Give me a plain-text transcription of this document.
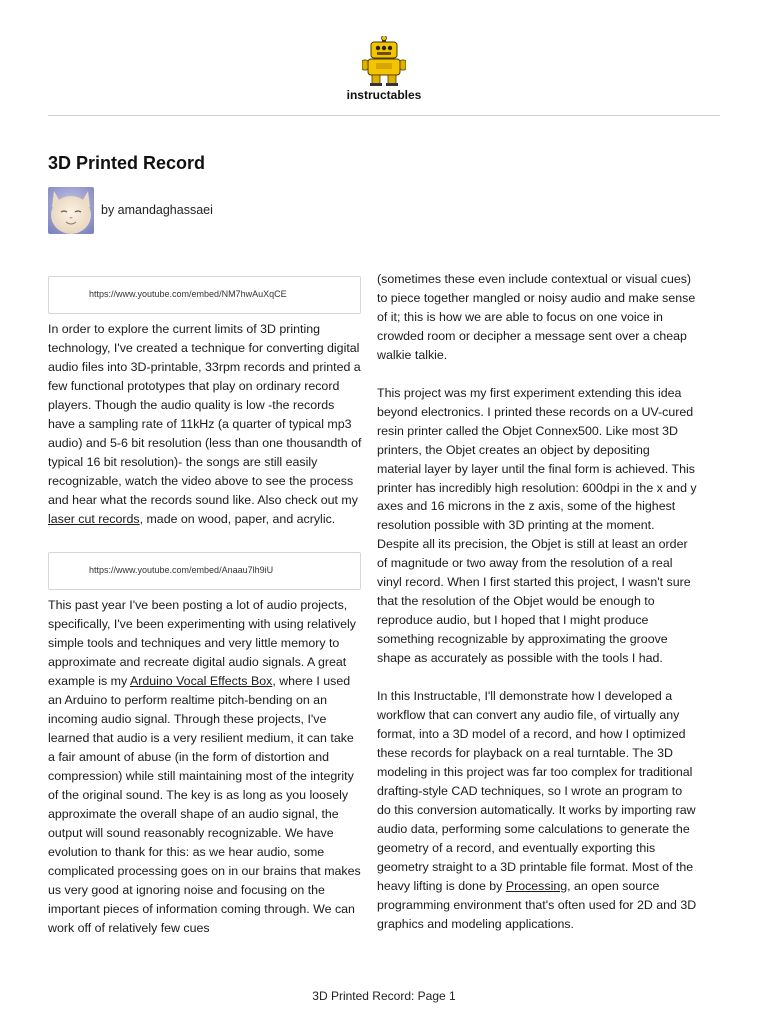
instructables
3D Printed Record
by amandaghassaei
https://www.youtube.com/embed/NM7hwAuXqCE

In order to explore the current limits of 3D printing technology, I've created a technique for converting digital audio files into 3D-printable, 33rpm records and printed a few functional prototypes that play on ordinary record players. Though the audio quality is low -the records have a sampling rate of 11kHz (a quarter of typical mp3 audio) and 5-6 bit resolution (less than one thousandth of typical 16 bit resolution)- the songs are still easily recognizable, watch the video above to see the process and hear what the records sound like. Also check out my laser cut records, made on wood, paper, and acrylic.

https://www.youtube.com/embed/Anaau7lh9iU

This past year I've been posting a lot of audio projects, specifically, I've been experimenting with using relatively simple tools and techniques and very little memory to approximate and recreate digital audio signals. A great example is my Arduino Vocal Effects Box, where I used an Arduino to perform realtime pitch-bending on an incoming audio signal. Through these projects, I've learned that audio is a very resilient medium, it can take a fair amount of abuse (in the form of distortion and compression) while still maintaining most of the integrity of the original sound. The key is as long as you loosely approximate the overall shape of an audio signal, the output will sound reasonably recognizable. We have evolution to thank for this: as we hear audio, some complicated processing goes on in our brains that makes us very good at ignoring noise and focusing on the important pieces of information coming through. We can work off of relatively few cues

(sometimes these even include contextual or visual cues) to piece together mangled or noisy audio and make sense of it; this is how we are able to focus on one voice in crowded room or decipher a message sent over a cheap walkie talkie.

This project was my first experiment extending this idea beyond electronics. I printed these records on a UV-cured resin printer called the Objet Connex500. Like most 3D printers, the Objet creates an object by depositing material layer by layer until the final form is achieved. This printer has incredibly high resolution: 600dpi in the x and y axes and 16 microns in the z axis, some of the highest resolution possible with 3D printing at the moment. Despite all its precision, the Objet is still at least an order of magnitude or two away from the resolution of a real vinyl record. When I first started this project, I wasn't sure that the resolution of the Objet would be enough to reproduce audio, but I hoped that I might produce something recognizable by approximating the groove shape as accurately as possible with the tools I had.

In this Instructable, I'll demonstrate how I developed a workflow that can convert any audio file, of virtually any format, into a 3D model of a record, and how I optimized these records for playback on a real turntable. The 3D modeling in this project was far too complex for traditional drafting-style CAD techniques, so I wrote an program to do this conversion automatically. It works by importing raw audio data, performing some calculations to generate the geometry of a record, and eventually exporting this geometry straight to a 3D printable file format. Most of the heavy lifting is done by Processing, an open source programming environment that's often used for 2D and 3D graphics and modeling applications.

3D Printed Record: Page 1
